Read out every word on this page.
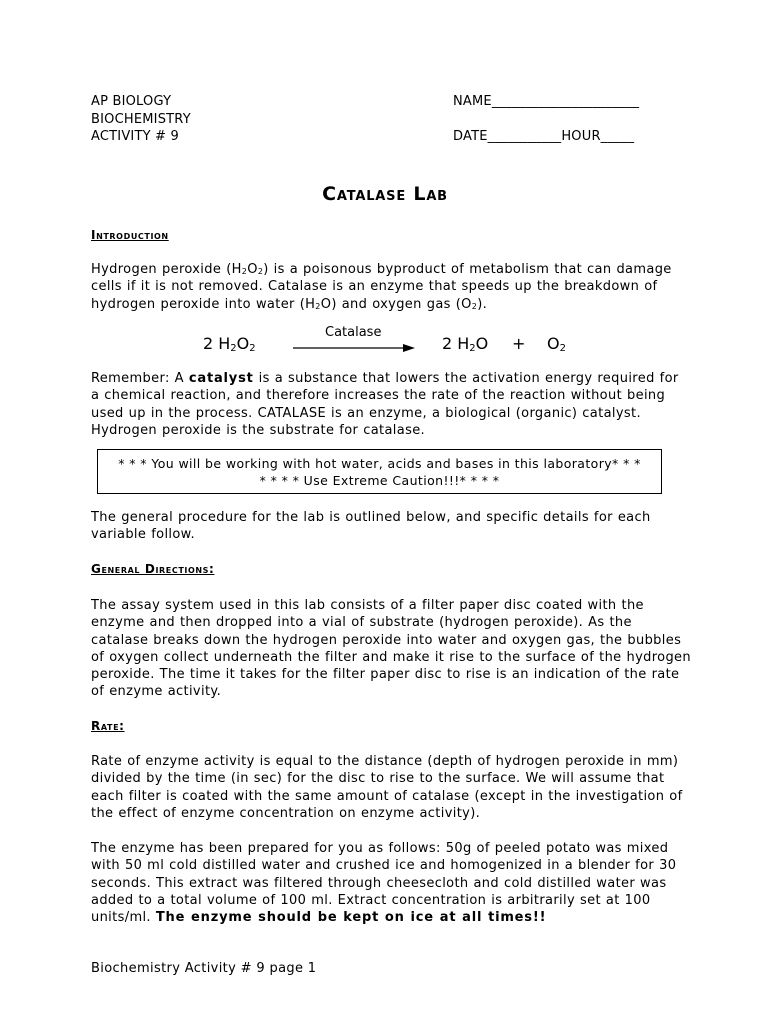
AP BIOLOGY
BIOCHEMISTRY
ACTIVITY # 9
NAME______________________
DATE___________HOUR_____
Catalase Lab
Introduction
Hydrogen peroxide $(H_2O_2)$ is a poisonous byproduct of metabolism that can damage cells if it is not removed. Catalase is an enzyme that speeds up the breakdown of hydrogen peroxide into water $(H_2O)$ and oxygen gas $(O_2)$.
2 $H_2O_2$
Catalase
2 $H_2O + O_2$
Remember: A catalyst is a substance that lowers the activation energy required for a chemical reaction, and therefore increases the rate of the reaction without being used up in the process. CATALASE is an enzyme, a biological (organic) catalyst. Hydrogen peroxide is the substrate for catalase.
* * * You will be working with hot water, acids and bases in this laboratory* * *
* * * * Use Extreme Caution!!!* * * *
The general procedure for the lab is outlined below, and specific details for each variable follow.
General Directions:
The assay system used in this lab consists of a filter paper disc coated with the enzyme and then dropped into a vial of substrate (hydrogen peroxide). As the catalase breaks down the hydrogen peroxide into water and oxygen gas, the bubbles of oxygen collect underneath the filter and make it rise to the surface of the hydrogen peroxide. The time it takes for the filter paper disc to rise is an indication of the rate of enzyme activity.
Rate:
Rate of enzyme activity is equal to the distance (depth of hydrogen peroxide in mm) divided by the time (in sec) for the disc to rise to the surface. We will assume that each filter is coated with the same amount of catalase (except in the investigation of the effect of enzyme concentration on enzyme activity).
The enzyme has been prepared for you as follows: 50g of peeled potato was mixed with 50 ml cold distilled water and crushed ice and homogenized in a blender for 30 seconds. This extract was filtered through cheesecloth and cold distilled water was added to a total volume of 100 ml. Extract concentration is arbitrarily set at 100 units/ml. The enzyme should be kept on ice at all times!!
Biochemistry Activity # 9 page 1
